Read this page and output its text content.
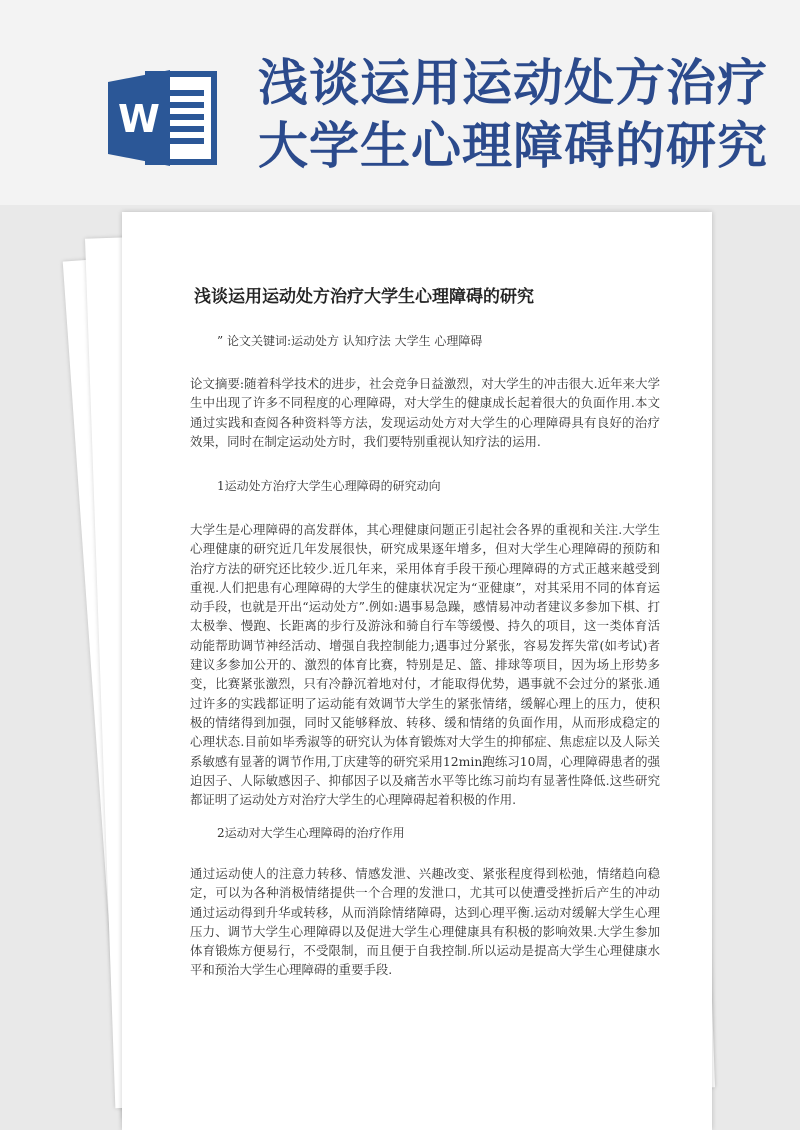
W
浅谈运用运动处方治疗大学生心理障碍的研究
浅谈运用运动处方治疗大学生心理障碍的研究
” 论文关键词:运动处方 认知疗法 大学生 心理障碍

论文摘要:随着科学技术的进步，社会竞争日益激烈，对大学生的冲击很大.近年来大学生中出现了许多不同程度的心理障碍，对大学生的健康成长起着很大的负面作用.本文通过实践和查阅各种资料等方法，发现运动处方对大学生的心理障碍具有良好的治疗效果，同时在制定运动处方时，我们要特别重视认知疗法的运用.

1运动处方治疗大学生心理障碍的研究动向

大学生是心理障碍的高发群体，其心理健康问题正引起社会各界的重视和关注.大学生心理健康的研究近几年发展很快，研究成果逐年增多，但对大学生心理障碍的预防和治疗方法的研究还比较少.近几年来，采用体育手段干预心理障碍的方式正越来越受到重视.人们把患有心理障碍的大学生的健康状况定为“亚健康”，对其采用不同的体育运动手段，也就是开出“运动处方”.例如:遇事易急躁，感情易冲动者建议多参加下棋、打太极拳、慢跑、长距离的步行及游泳和骑自行车等缓慢、持久的项目，这一类体育活动能帮助调节神经活动、增强自我控制能力;遇事过分紧张，容易发挥失常(如考试)者建议多参加公开的、激烈的体育比赛，特别是足、篮、排球等项目，因为场上形势多变，比赛紧张激烈，只有冷静沉着地对付，才能取得优势，遇事就不会过分的紧张.通过许多的实践都证明了运动能有效调节大学生的紧张情绪，缓解心理上的压力，使积极的情绪得到加强，同时又能够释放、转移、缓和情绪的负面作用，从而形成稳定的心理状态.目前如毕秀淑等的研究认为体育锻炼对大学生的抑郁症、焦虑症以及人际关系敏感有显著的调节作用,丁庆建等的研究采用12min跑练习10周，心理障碍患者的强迫因子、人际敏感因子、抑郁因子以及痛苦水平等比练习前均有显著性降低.这些研究都证明了运动处方对治疗大学生的心理障碍起着积极的作用.

2运动对大学生心理障碍的治疗作用

通过运动使人的注意力转移、情感发泄、兴趣改变、紧张程度得到松弛，情绪趋向稳定，可以为各种消极情绪提供一个合理的发泄口，尤其可以使遭受挫折后产生的冲动通过运动得到升华或转移，从而消除情绪障碍，达到心理平衡.运动对缓解大学生心理压力、调节大学生心理障碍以及促进大学生心理健康具有积极的影响效果.大学生参加体育锻炼方便易行，不受限制，而且便于自我控制.所以运动是提高大学生心理健康水平和预治大学生心理障碍的重要手段.
